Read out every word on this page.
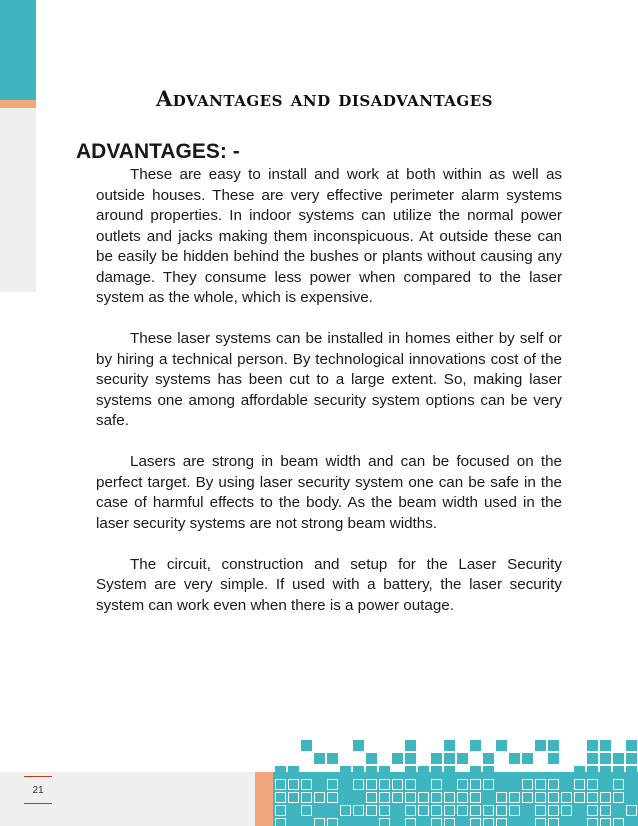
Advantages and disadvantages
ADVANTAGES: -

These are easy to install and work at both within as well as outside houses. These are very effective perimeter alarm systems around properties. In indoor systems can utilize the normal power outlets and jacks making them inconspicuous. At outside these can be easily be hidden behind the bushes or plants without causing any damage. They consume less power when compared to the laser system as the whole, which is expensive.

These laser systems can be installed in homes either by self or by hiring a technical person. By technological innovations cost of the security systems has been cut to a large extent. So, making laser systems one among affordable security system options can be very safe.

Lasers are strong in beam width and can be focused on the perfect target. By using laser security system one can be safe in the case of harmful effects to the body. As the beam width used in the laser security systems are not strong beam widths.

The circuit, construction and setup for the Laser Security System are very simple. If used with a battery, the laser security system can work even when there is a power outage.

21
